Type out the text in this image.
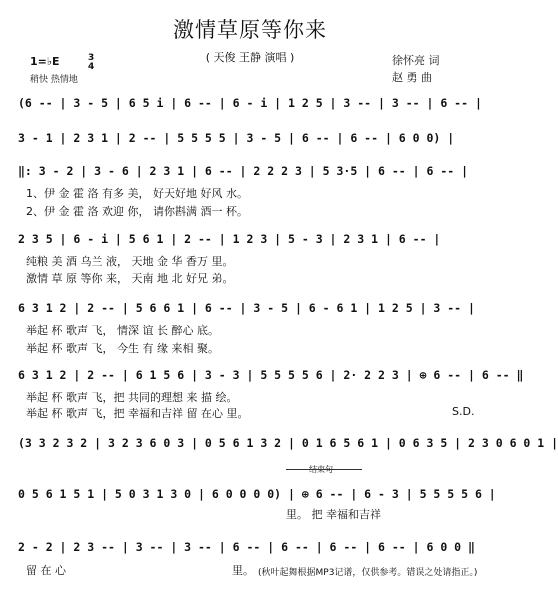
激情草原等你来
( 天俊 王静 演唱 )
1=♭E	3
4
稍快 热情地
徐怀亮 词
赵 勇 曲
(6 -- | 3 - 5 | 6 5 i | 6 -- | 6 - i | 1 2 5 | 3 -- | 3 -- | 6 -- |
3 - 1 | 2 3 1 | 2 -- | 5 5 5 5 | 3 - 5 | 6 -- | 6 -- | 6 0 0) |
‖: 3 - 2 | 3 - 6 | 2 3 1 | 6 -- | 2 2 2 3 | 5 3·5 | 6 -- | 6 -- |
1、伊 金 霍 洛 有多 美， 好天好地 好风 水。
2、伊 金 霍 洛 欢迎 你， 请你斟满 酒一 杯。
2 3 5 | 6 - i | 5 6 1 | 2 -- | 1 2 3 | 5 - 3 | 2 3 1 | 6 -- |
纯粮 美 酒 乌兰 液， 天地 金 华 香万 里。
激情 草 原 等你 来， 天南 地 北 好兄 弟。
6 3 1 2 | 2 -- | 5 6 6 1 | 6 -- | 3 - 5 | 6 - 6 1 | 1 2 5 | 3 -- |
举起 杯 歌声 飞， 情深 谊 长 醉心 底。
举起 杯 歌声 飞， 今生 有 缘 来相 聚。
6 3 1 2 | 2 -- | 6 1 5 6 | 3 - 3 | 5 5 5 5 6 | 2· 2 2 3 | ⊕ 6 -- | 6 -- ‖
举起 杯 歌声 飞，把 共同的理想 来 描 绘。
举起 杯 歌声 飞，把 幸福和吉祥 留 在心 里。	S.D.
(3 3 2 3 2 | 3 2 3 6 0 3 | 0 5 6 1 3 2 | 0 1 6 5 6 1 | 0 6 3 5 | 2 3 0 6 0 1 |
0 5 6 1 5 1 | 5 0 3 1 3 0 | 6 0 0 0 0) | ⊕ 6 -- | 6 - 3 | 5 5 5 5 6 |
里。 把 幸福和吉祥
2 - 2 | 2 3 -- | 3 -- | 3 -- | 6 -- | 6 -- | 6 -- | 6 -- | 6 0 0 ‖
留 在 心	里。 (秋叶起舞根据MP3记谱，仅供参考。错误之处请指正。)
